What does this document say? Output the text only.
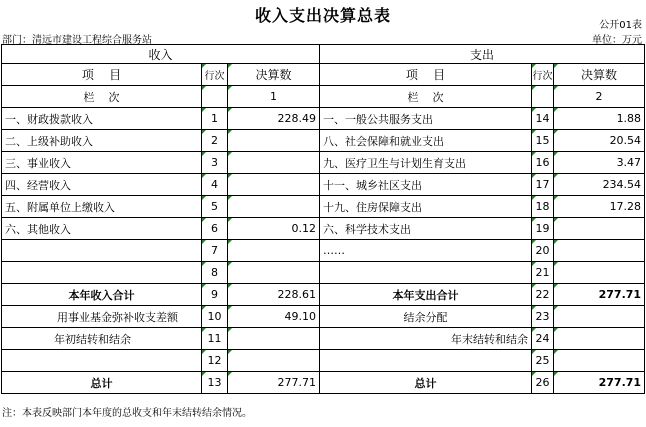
收入支出决算总表
公开01表
部门：清远市建设工程综合服务站	单位：万元
收入			支出		
项    目	行次	决算数	项    目	行次	决算数
栏    次		1	栏    次		2
一、财政拨款收入	1	228.49	一、一般公共服务支出	14	1.88
二、上级补助收入	2		八、社会保障和就业支出	15	20.54
三、事业收入	3		九、医疗卫生与计划生育支出	16	3.47
四、经营收入	4		十一、城乡社区支出	17	234.54
五、附属单位上缴收入	5		十九、住房保障支出	18	17.28
六、其他收入	6	0.12	六、科学技术支出	19	
	7		……	20	
	8			21	
本年收入合计	9	228.61	本年支出合计	22	277.71
用事业基金弥补收支差额	10	49.10	结余分配	23	
年初结转和结余	11		年末结转和结余	24	
	12			25	
总计	13	277.71	总计	26	277.71
注：本表反映部门本年度的总收支和年末结转结余情况。
